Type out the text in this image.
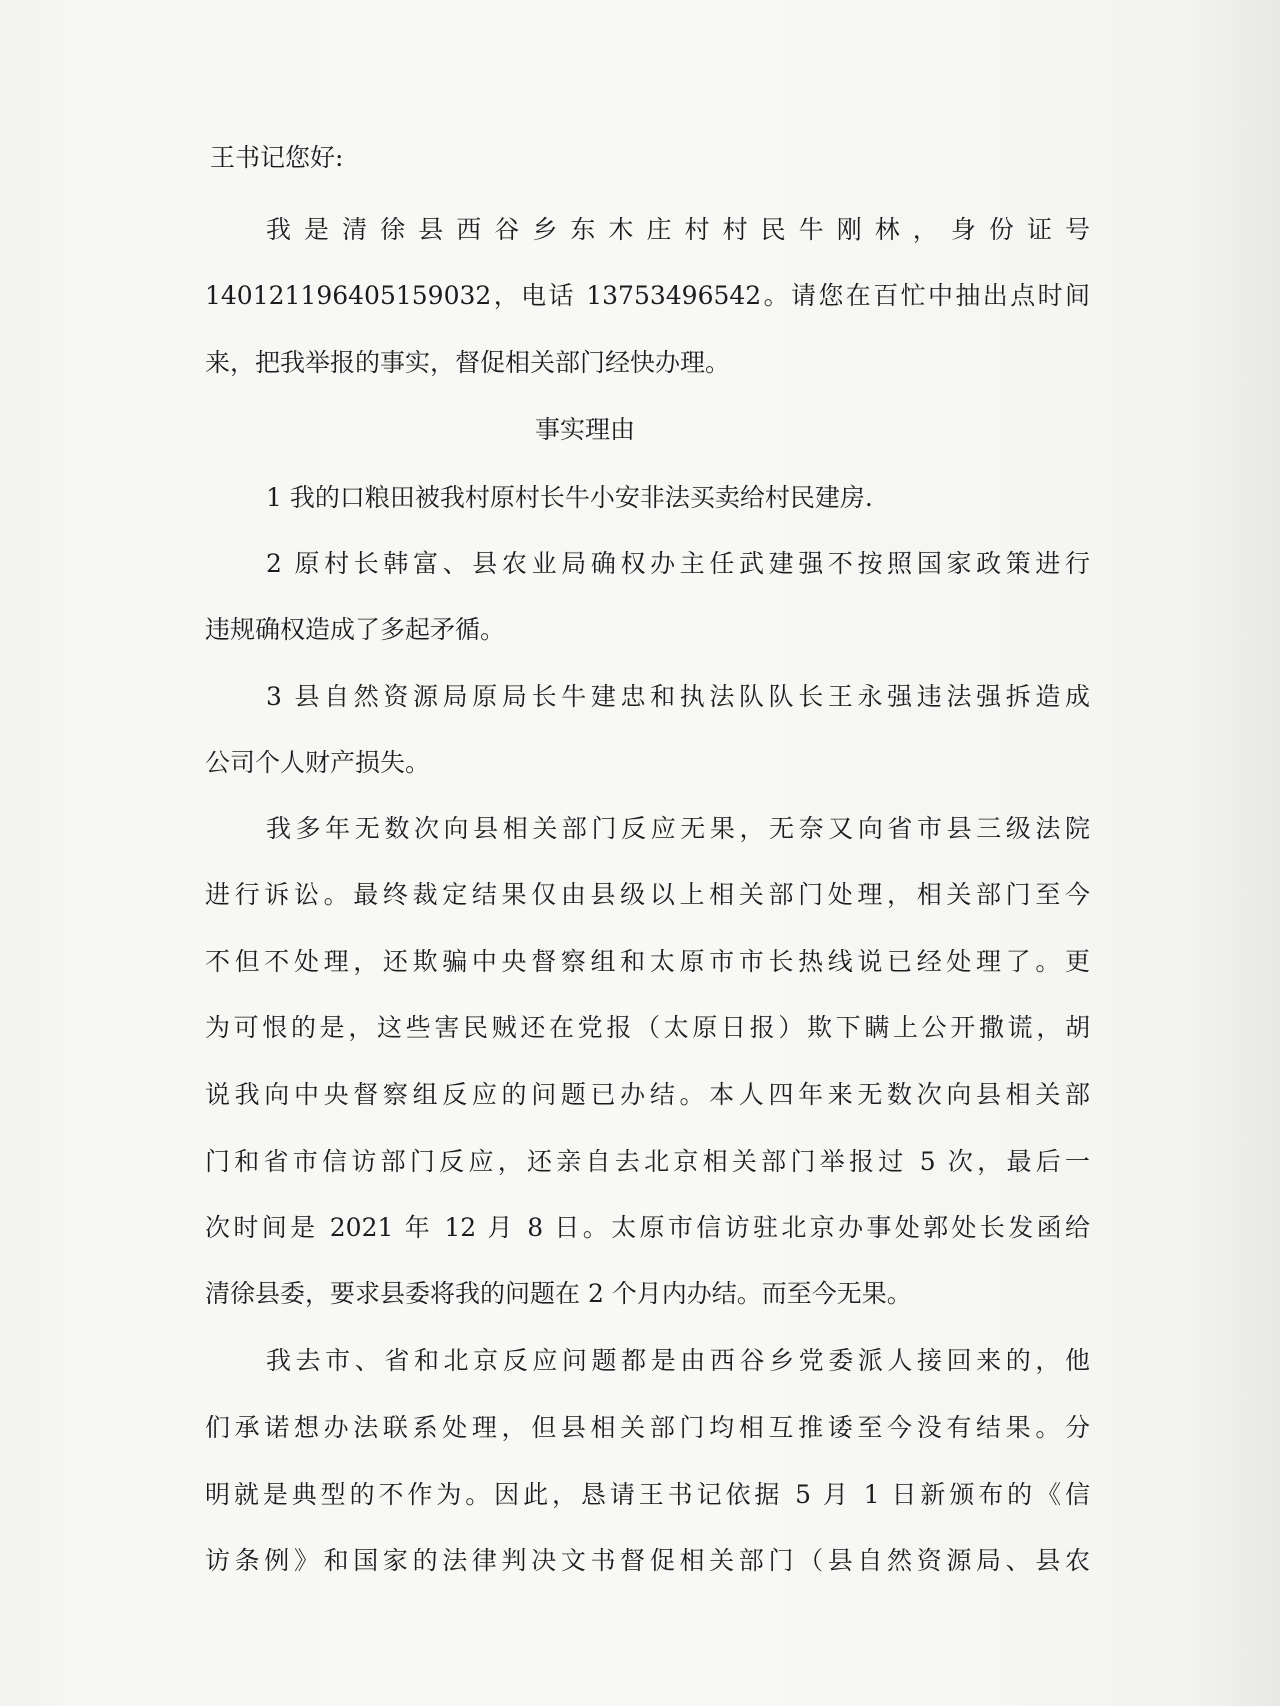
王书记您好:
我是清徐县西谷乡东木庄村村民牛刚林，身份证号
140121196405159032，电话 13753496542。请您在百忙中抽出点时间
来，把我举报的事实，督促相关部门经快办理。
事实理由
1 我的口粮田被我村原村长牛小安非法买卖给村民建房.
2 原村长韩富、县农业局确权办主任武建强不按照国家政策进行
违规确权造成了多起矛循。
3 县自然资源局原局长牛建忠和执法队队长王永强违法强拆造成
公司个人财产损失。
我多年无数次向县相关部门反应无果，无奈又向省市县三级法院
进行诉讼。最终裁定结果仅由县级以上相关部门处理，相关部门至今
不但不处理，还欺骗中央督察组和太原市市长热线说已经处理了。更
为可恨的是，这些害民贼还在党报（太原日报）欺下瞒上公开撒谎，胡
说我向中央督察组反应的问题已办结。本人四年来无数次向县相关部
门和省市信访部门反应，还亲自去北京相关部门举报过 5 次，最后一
次时间是 2021 年 12 月 8 日。太原市信访驻北京办事处郭处长发函给
清徐县委，要求县委将我的问题在 2 个月内办结。而至今无果。
我去市、省和北京反应问题都是由西谷乡党委派人接回来的，他
们承诺想办法联系处理，但县相关部门均相互推诿至今没有结果。分
明就是典型的不作为。因此，恳请王书记依据 5 月 1 日新颁布的《信
访条例》和国家的法律判决文书督促相关部门（县自然资源局、县农
